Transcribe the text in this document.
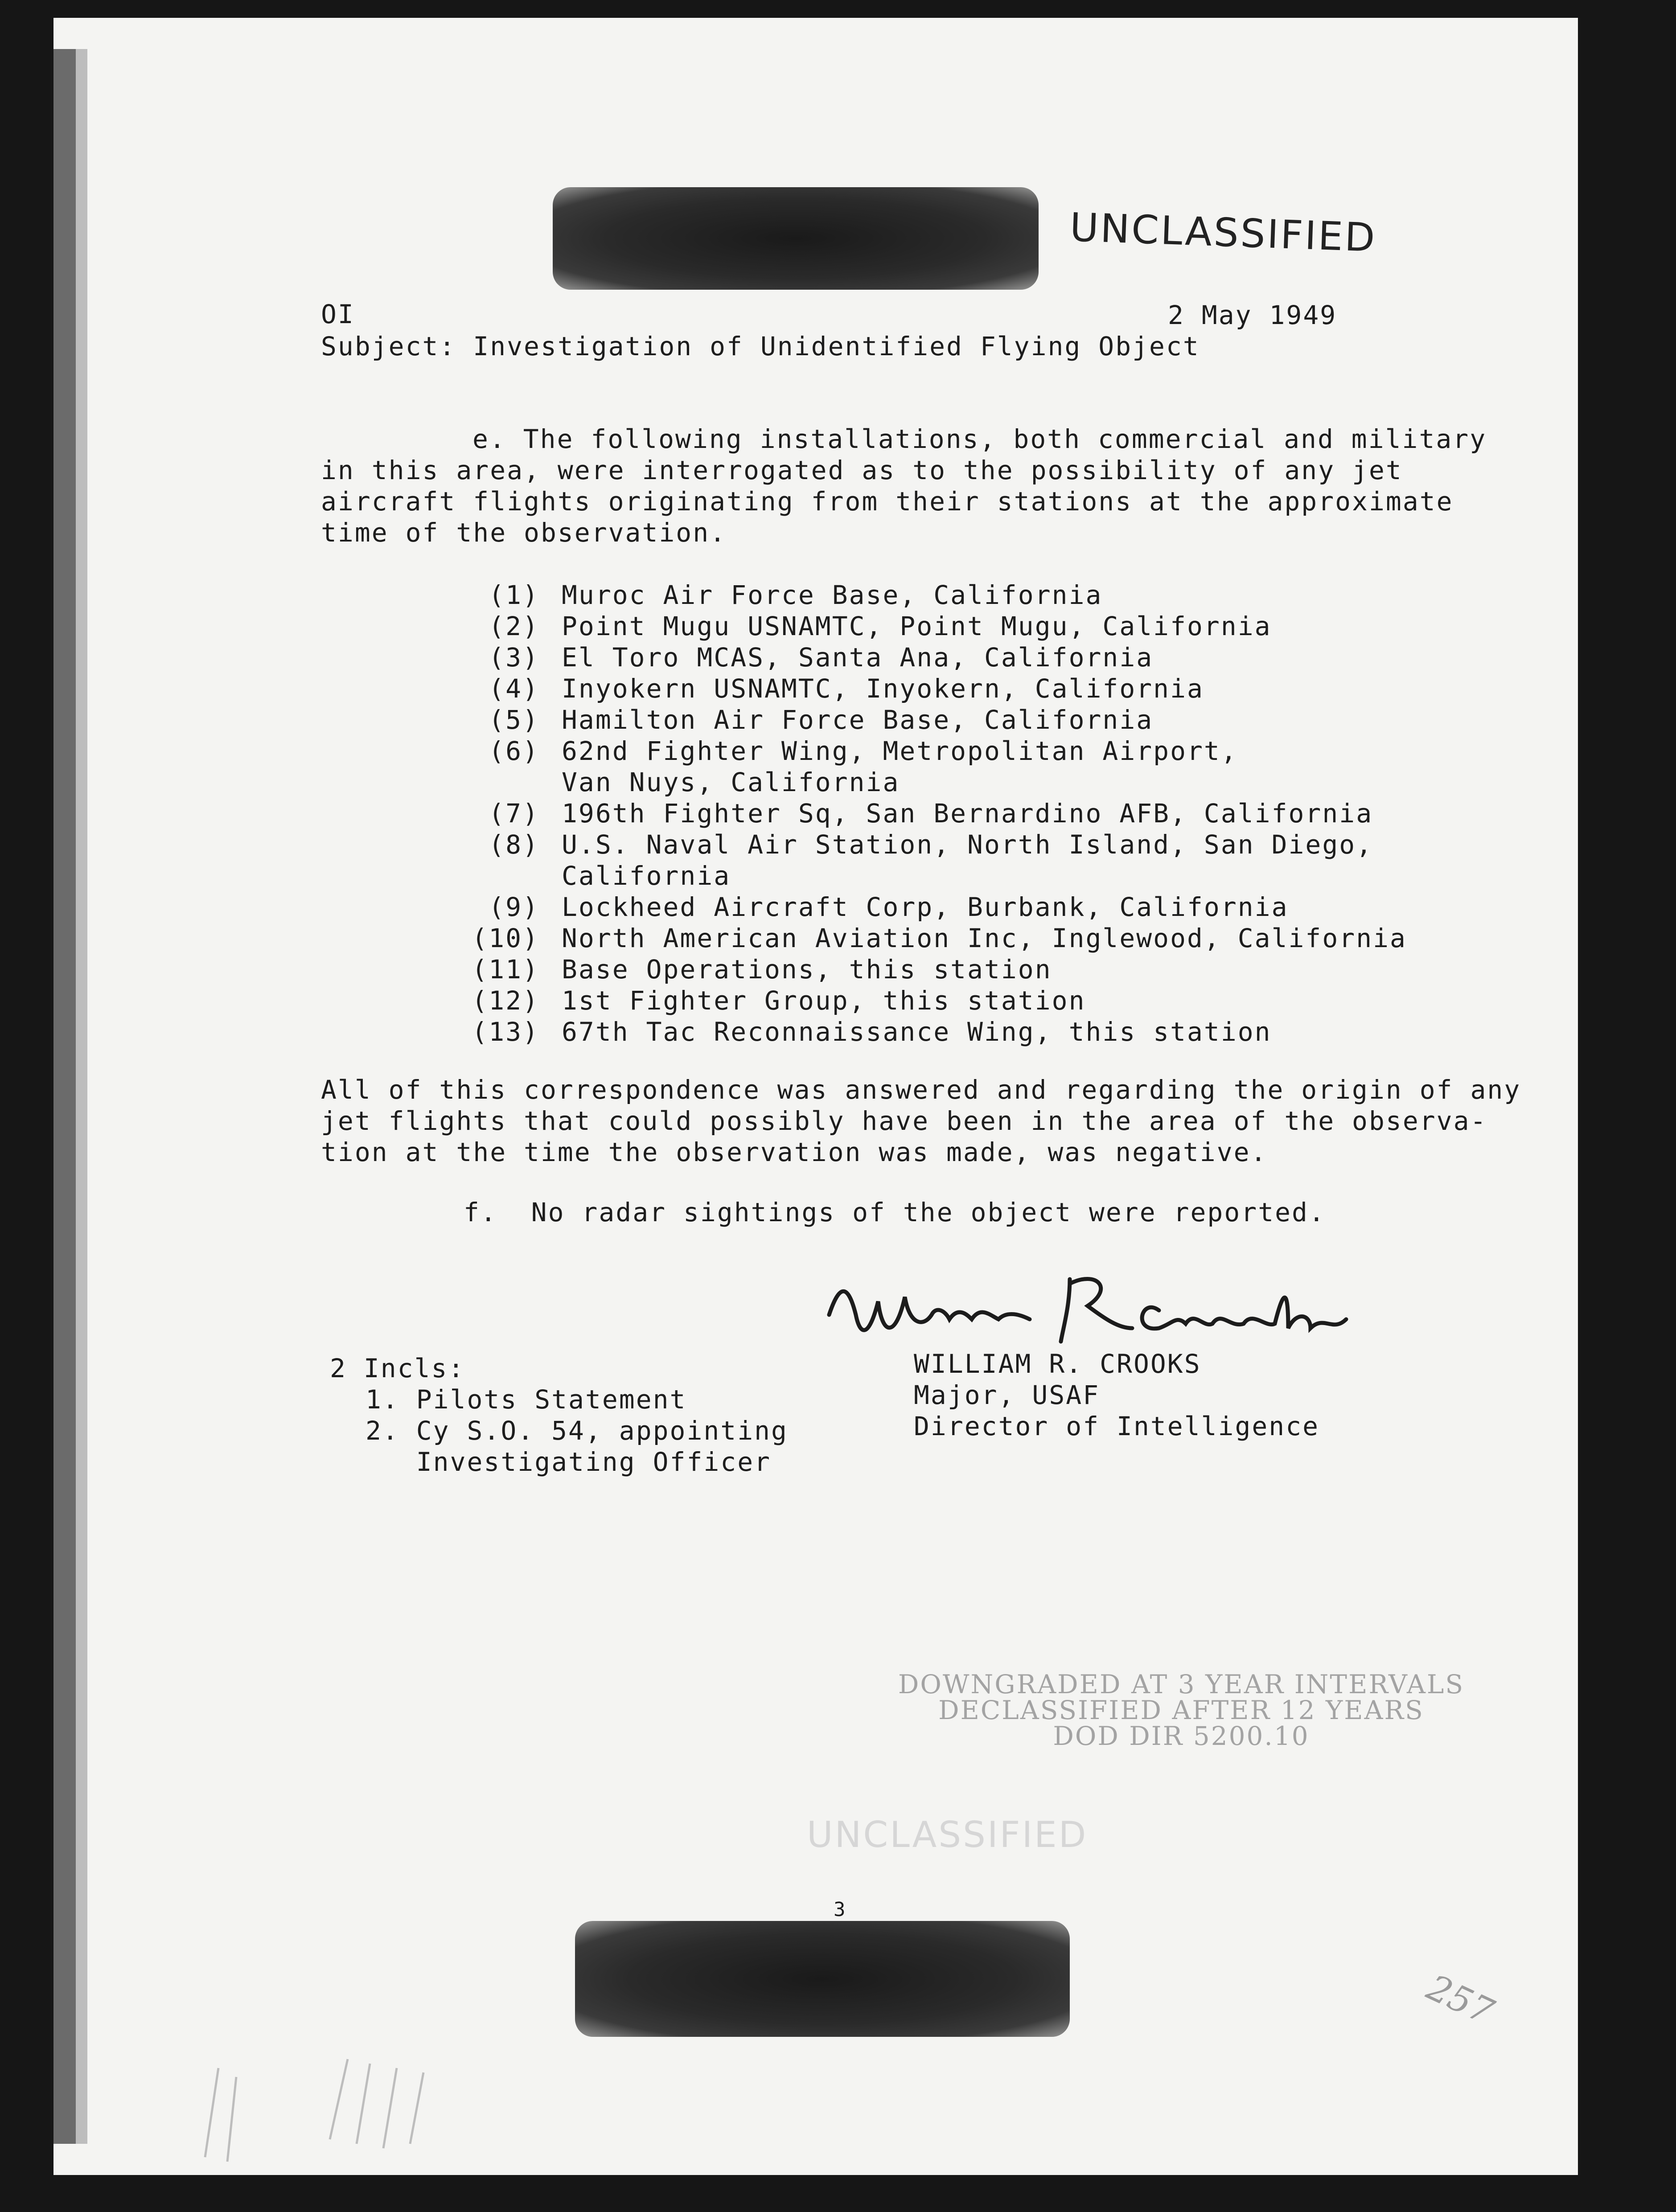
UNCLASSIFIED
OI	2 May 1949
Subject: Investigation of Unidentified Flying Object
e. The following installations, both commercial and military
in this area, were interrogated as to the possibility of any jet
aircraft flights originating from their stations at the approximate
time of the observation.
(1) Muroc Air Force Base, California
(2) Point Mugu USNAMTC, Point Mugu, California
(3) El Toro MCAS, Santa Ana, California
(4) Inyokern USNAMTC, Inyokern, California
(5) Hamilton Air Force Base, California
(6) 62nd Fighter Wing, Metropolitan Airport,
Van Nuys, California
(7) 196th Fighter Sq, San Bernardino AFB, California
(8) U.S. Naval Air Station, North Island, San Diego,
California
(9) Lockheed Aircraft Corp, Burbank, California
(10) North American Aviation Inc, Inglewood, California
(11) Base Operations, this station
(12) 1st Fighter Group, this station
(13) 67th Tac Reconnaissance Wing, this station
All of this correspondence was answered and regarding the origin of any
jet flights that could possibly have been in the area of the observa-
tion at the time the observation was made, was negative.
f.  No radar sightings of the object were reported.
WILLIAM R. CROOKS
Major, USAF
Director of Intelligence
2 Incls:
1. Pilots Statement
2. Cy S.O. 54, appointing
Investigating Officer
DOWNGRADED AT 3 YEAR INTERVALS
DECLASSIFIED AFTER 12 YEARS
DOD DIR 5200.10
UNCLASSIFIED
3
257
